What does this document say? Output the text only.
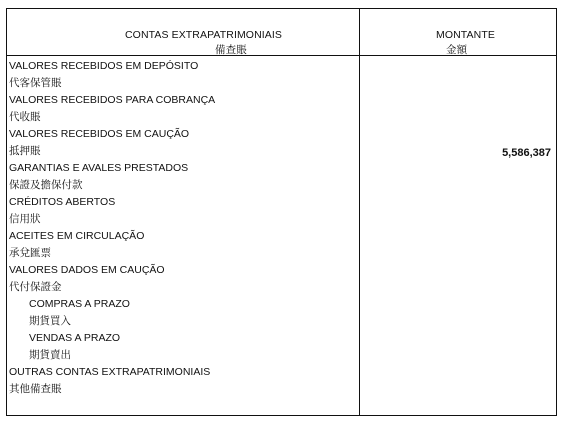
CONTAS EXTRAPATRIMONIAIS
備查賬
MONTANTE
金額
VALORES RECEBIDOS EM DEPÓSITO
代客保管賬
VALORES RECEBIDOS PARA COBRANÇA
代收賬
VALORES RECEBIDOS EM CAUÇÃO
抵押賬
GARANTIAS E AVALES PRESTADOS
保證及擔保付款
CRÉDITOS ABERTOS
信用狀
ACEITES EM CIRCULAÇÃO
承兌匯票
VALORES DADOS EM CAUÇÃO
代付保證金
COMPRAS A PRAZO
期貨買入
VENDAS A PRAZO
期貨賣出
OUTRAS CONTAS EXTRAPATRIMONIAIS
其他備查賬
5,586,387
